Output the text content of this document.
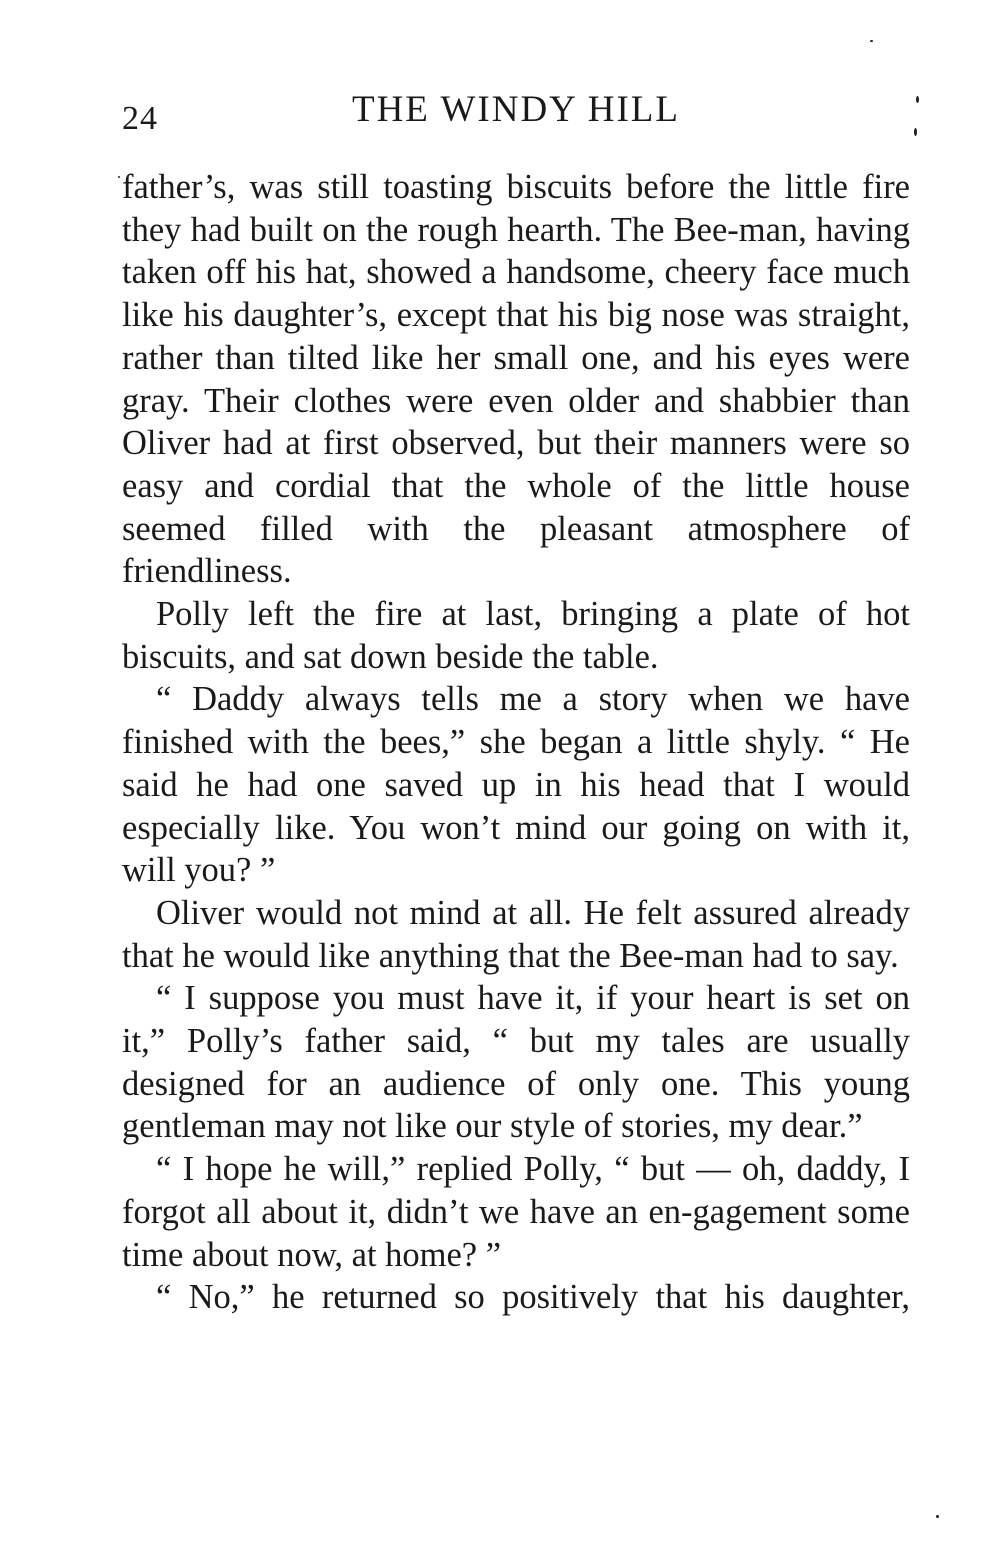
24	THE WINDY HILL

father’s, was still toasting biscuits before the little fire they had built on the rough hearth. The Bee-man, having taken off his hat, showed a handsome, cheery face much like his daughter’s, except that his big nose was straight, rather than tilted like her small one, and his eyes were gray. Their clothes were even older and shabbier than Oliver had at first observed, but their manners were so easy and cordial that the whole of the little house seemed filled with the pleasant atmosphere of friendliness.

Polly left the fire at last, bringing a plate of hot biscuits, and sat down beside the table.

“ Daddy always tells me a story when we have finished with the bees,” she began a little shyly. “ He said he had one saved up in his head that I would especially like. You won’t mind our going on with it, will you? ”

Oliver would not mind at all. He felt assured already that he would like anything that the Bee-man had to say.

“ I suppose you must have it, if your heart is set on it,” Polly’s father said, “ but my tales are usually designed for an audience of only one. This young gentleman may not like our style of stories, my dear.”

“ I hope he will,” replied Polly, “ but — oh, daddy, I forgot all about it, didn’t we have an en-gagement some time about now, at home? ”

“ No,” he returned so positively that his daughter,
